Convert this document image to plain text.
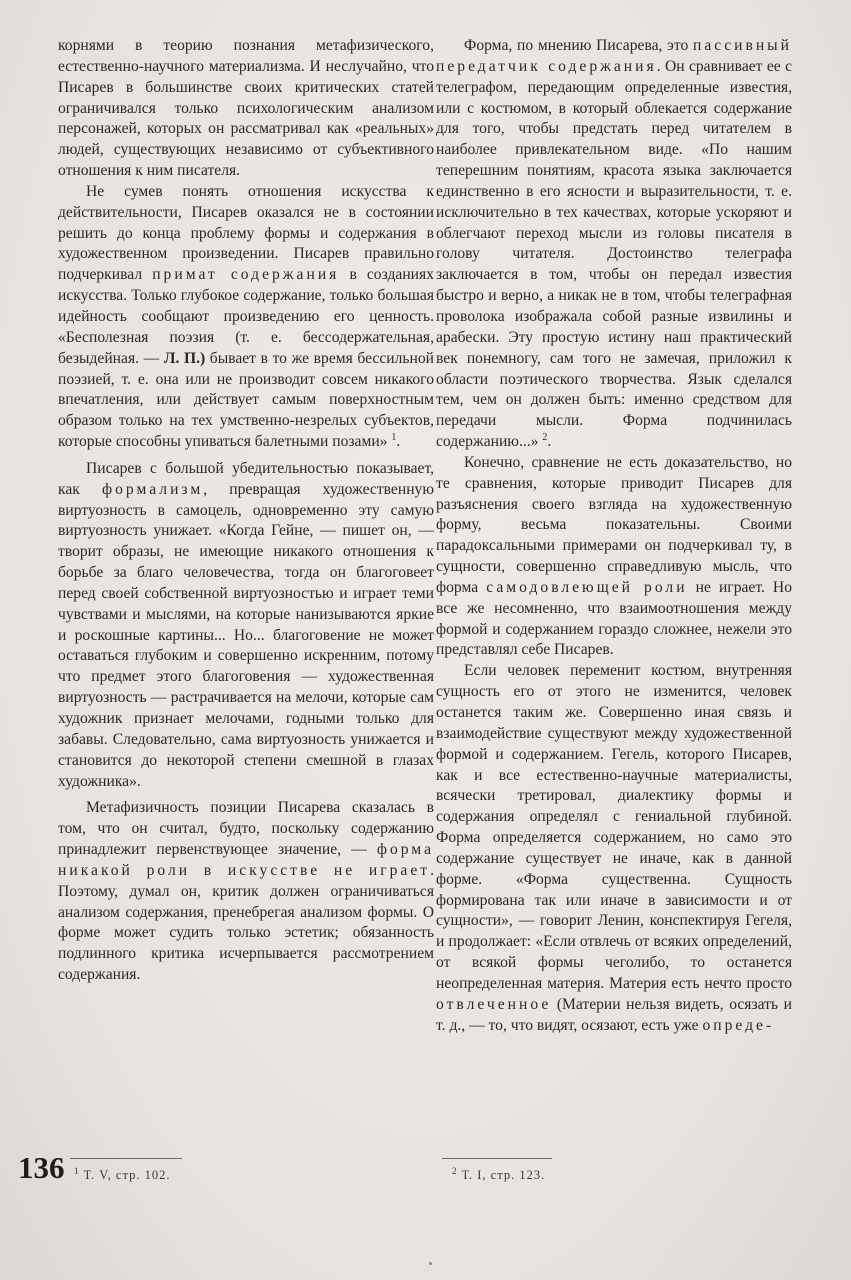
корнями в теорию познания метафизического, естественно-научного материализма. И неслучайно, что Писарев в большинстве своих критических статей ограничивался только психологическим анализом персонажей, которых он рассматривал как «реальных» людей, существующих независимо от субъективного отношения к ним писателя.

Не сумев понять отношения искусства к действительности, Писарев оказался не в состоянии решить до конца проблему формы и содержания в художественном произведении. Писарев правильно подчеркивал примат содержания в созданиях искусства. Только глубокое содержание, только большая идейность сообщают произведению его ценность. «Бесполезная поэзия (т. е. бессодержательная, безыдейная. — Л. П.) бывает в то же время бессильной поэзией, т. е. она или не производит совсем никакого впечатления, или действует самым поверхностным образом только на тех умственно-незрелых субъектов, которые способны упиваться балетными позами» $^1$.

Писарев с большой убедительностью показывает, как формализм, превращая художественную виртуозность в самоцель, одновременно эту самую виртуозность унижает. «Когда Гейне, — пишет он, — творит образы, не имеющие никакого отношения к борьбе за благо человечества, тогда он благоговеет перед своей собственной виртуозностью и играет теми чувствами и мыслями, на которые нанизываются яркие и роскошные картины... Но... благоговение не может оставаться глубоким и совершенно искренним, потому что предмет этого благоговения — художественная виртуозность — растрачивается на мелочи, которые сам художник признает мелочами, годными только для забавы. Следовательно, сама виртуозность унижается и становится до некоторой степени смешной в глазах художника».

Метафизичность позиции Писарева сказалась в том, что он считал, будто, поскольку содержанию принадлежит первенствующее значение, — форма никакой роли в искусстве не играет. Поэтому, думал он, критик должен ограничиваться анализом содержания, пренебрегая анализом формы. О форме может судить только эстетик; обязанность подлинного критика исчерпывается рассмотрением содержания.

Форма, по мнению Писарева, это пассивный передатчик содержания. Он сравнивает ее с телеграфом, передающим определенные известия, или с костюмом, в который облекается содержание для того, чтобы предстать перед читателем в наиболее привлекательном виде. «По нашим теперешним понятиям, красота языка заключается единственно в его ясности и выразительности, т. е. исключительно в тех качествах, которые ускоряют и облегчают переход мысли из головы писателя в голову читателя. Достоинство телеграфа заключается в том, чтобы он передал известия быстро и верно, а никак не в том, чтобы телеграфная проволока изображала собой разные извилины и арабески. Эту простую истину наш практический век понемногу, сам того не замечая, приложил к области поэтического творчества. Язык сделался тем, чем он должен быть: именно средством для передачи мысли. Форма подчинилась содержанию...» $^2$.

Конечно, сравнение не есть доказательство, но те сравнения, которые приводит Писарев для разъяснения своего взгляда на художественную форму, весьма показательны. Своими парадоксальными примерами он подчеркивал ту, в сущности, совершенно справедливую мысль, что форма самодовлеющей роли не играет. Но все же несомненно, что взаимоотношения между формой и содержанием гораздо сложнее, нежели это представлял себе Писарев.

Если человек переменит костюм, внутренняя сущность его от этого не изменится, человек останется таким же. Совершенно иная связь и взаимодействие существуют между художественной формой и содержанием. Гегель, которого Писарев, как и все естественно-научные материалисты, всячески третировал, диалектику формы и содержания определял с гениальной глубиной. Форма определяется содержанием, но само это содержание существует не иначе, как в данной форме. «Форма существенна. Сущность формирована так или иначе в зависимости и от сущности», — говорит Ленин, конспектируя Гегеля, и продолжает: «Если отвлечь от всяких определений, от всякой формы чеголибо, то останется неопределенная материя. Материя есть нечто просто отвлеченное (Материи нельзя видеть, осязать и т. д., — то, что видят, осязают, есть уже опреде-

136 $^1$ Т. V, стр. 102.	$^2$ Т. I, стр. 123.
